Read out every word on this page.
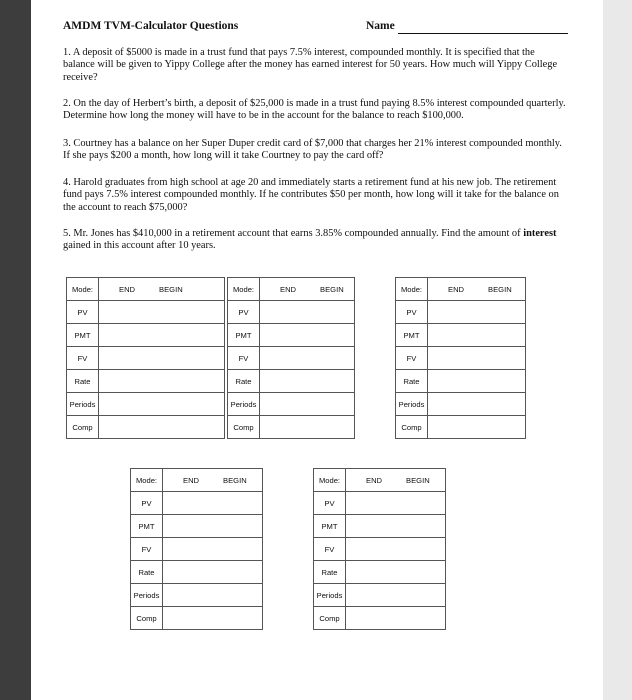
AMDM TVM-Calculator Questions	Name
1. A deposit of $5000 is made in a trust fund that pays 7.5% interest, compounded monthly. It is specified that the balance will be given to Yippy College after the money has earned interest for 50 years. How much will Yippy College receive?
2. On the day of Herbert’s birth, a deposit of $25,000 is made in a trust fund paying 8.5% interest compounded quarterly. Determine how long the money will have to be in the account for the balance to reach $100,000.
3. Courtney has a balance on her Super Duper credit card of $7,000 that charges her 21% interest compounded monthly. If she pays $200 a month, how long will it take Courtney to pay the card off?
4. Harold graduates from high school at age 20 and immediately starts a retirement fund at his new job. The retirement fund pays 7.5% interest compounded monthly. If he contributes $50 per month, how long will it take for the balance on the account to reach $75,000?
5. Mr. Jones has $410,000 in a retirement account that earns 3.85% compounded annually. Find the amount of interest gained in this account after 10 years.
Mode:	END BEGIN
PV	
PMT	
FV	
Rate	
Periods	
Comp	
Mode:	END BEGIN
PV	
PMT	
FV	
Rate	
Periods	
Comp	
Mode:	END BEGIN
PV	
PMT	
FV	
Rate	
Periods	
Comp	
Mode:	END BEGIN
PV	
PMT	
FV	
Rate	
Periods	
Comp	
Mode:	END BEGIN
PV	
PMT	
FV	
Rate	
Periods	
Comp	
